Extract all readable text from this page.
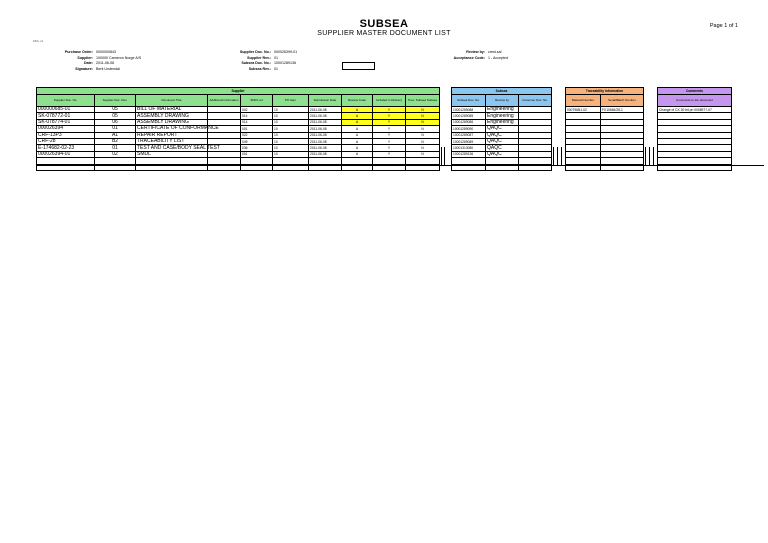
SUBSEA
SUPPLIER MASTER DOCUMENT LIST
Page 1 of 1
MDL v2
Purchase Order: 0000000843
Supplier: 100000 Cameron Norge A/S
Date: 2011-06-08
Signature: Berit Undendal
Supplier Doc. No.: 000026399-01
Supplier Rev.: 01
Subsea Doc. No.: 10001289136
Subsea Rev.: 01
Review by: crest.sal
Acceptance Code: 1 - Accepted
Supplier									
Supplier Doc. No.	Supplier Doc. Rev.	Document Title	Additional Information	SDRL ref	PO Item	Submission Date	Review Code	Included in Delivery	Prev. Subsea Subsea
000000685-01	05	BILL OF MATERIAL		002	10	2011-06-08	A	Y	N
SK-078772-01	05	ASSEMBLY DRAWING		014	10	2011-06-08	A	Y	N
SK-078774-01	06	ASSEMBLY DRAWING		014	10	2011-06-08	A	Y	N
000026394	01	CERTIFICATE OF CONFORMANCE		001	10	2011-06-08	A	Y	N
CRF-13P3	A1	REPAIR REPORT		022	10	2011-06-08	A	Y	N
CRF-28	B2	TRACEABILITY LIST		049	10	2011-06-08	A	Y	N
E-174682-02-23	01	TEST AND CASE/BODY SEAL TEST		036	10	2011-06-08	A	Y	N
000026394-01	02	SMDL		001	10	2011-06-08	A	Y	N

Subsea		
Subsea Doc. No.	Review by	Customer Doc. No.
10001289088	Engineering	
10001289085	Engineering	
10001289086	Engineering	
10001289090	QAQC	
10001289087	QAQC	
10001289089	QAQC	
10001313080	QAQC	
10001289136	QAQC	

Traceability Information	
Material Number	Serial/Batch Number
000796B1-02	FX10664/28-1

Comments
Comments to the document
Change of CX 30 bit pn 000897?-07
